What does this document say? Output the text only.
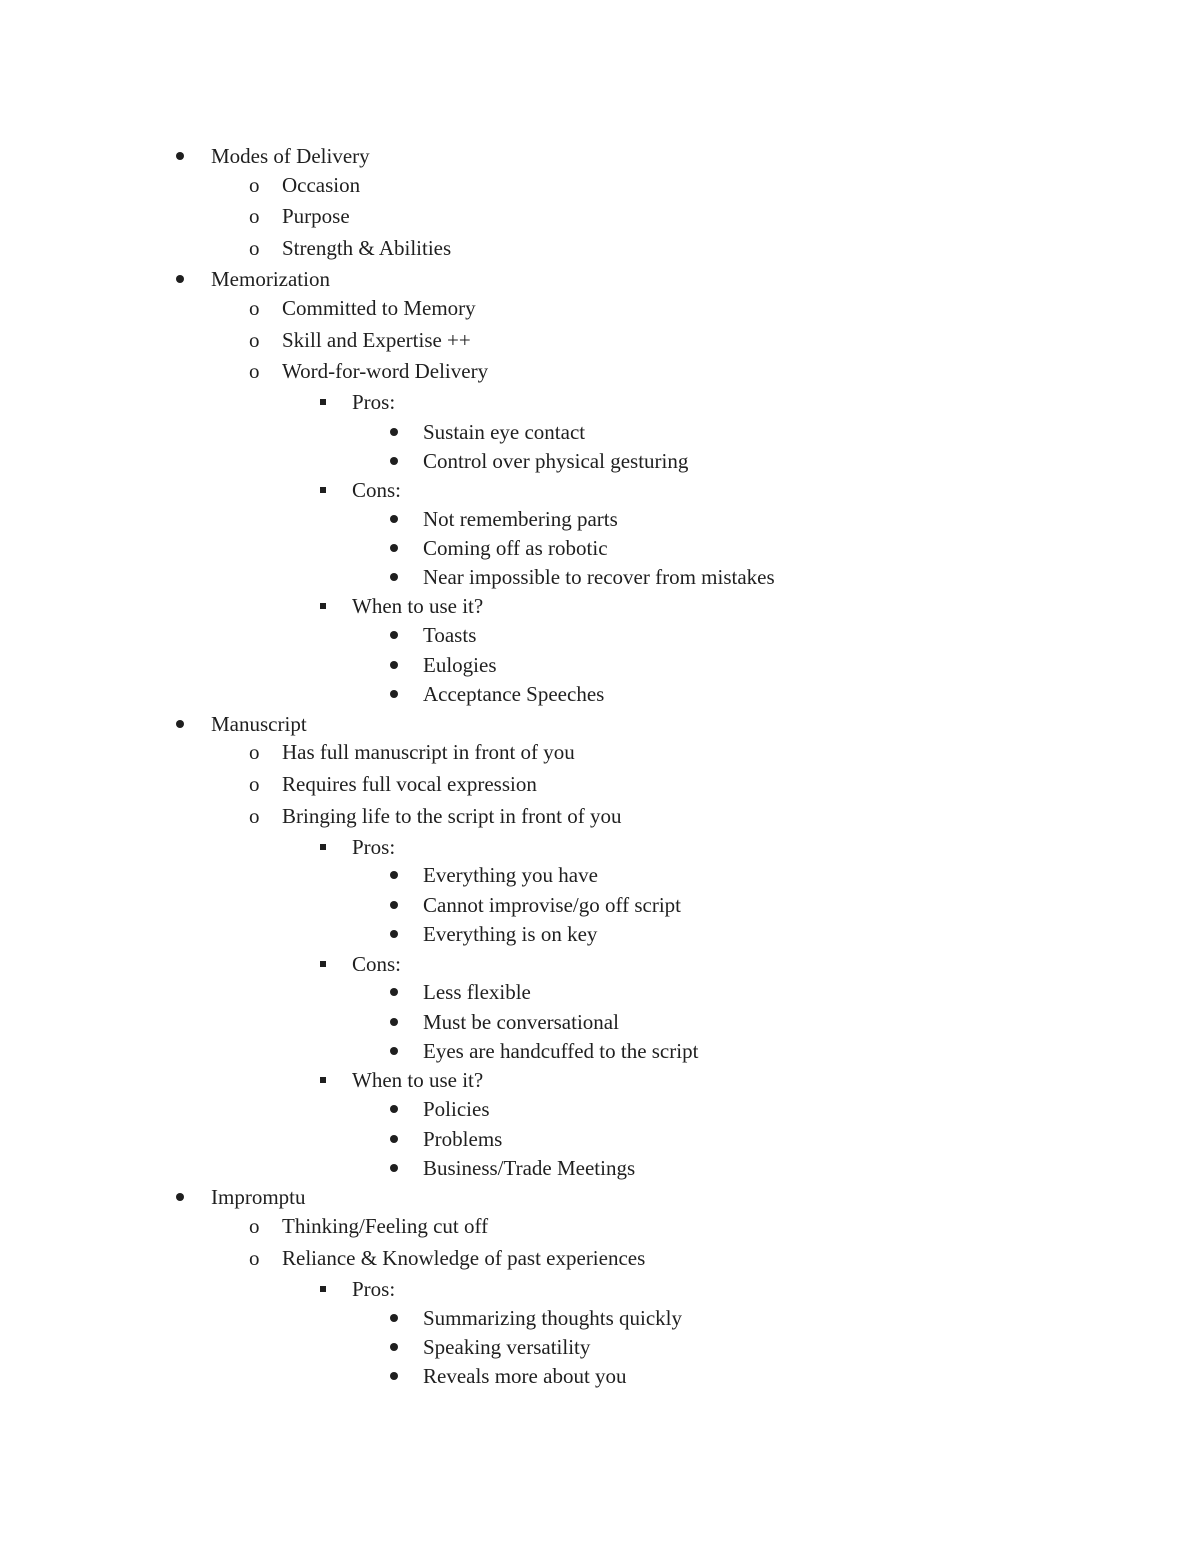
Modes of Delivery
o Occasion
o Purpose
o Strength & Abilities
Memorization
o Committed to Memory
o Skill and Expertise ++
o Word-for-word Delivery
Pros:
Sustain eye contact
Control over physical gesturing
Cons:
Not remembering parts
Coming off as robotic
Near impossible to recover from mistakes
When to use it?
Toasts
Eulogies
Acceptance Speeches
Manuscript
o Has full manuscript in front of you
o Requires full vocal expression
o Bringing life to the script in front of you
Pros:
Everything you have
Cannot improvise/go off script
Everything is on key
Cons:
Less flexible
Must be conversational
Eyes are handcuffed to the script
When to use it?
Policies
Problems
Business/Trade Meetings
Impromptu
o Thinking/Feeling cut off
o Reliance & Knowledge of past experiences
Pros:
Summarizing thoughts quickly
Speaking versatility
Reveals more about you
